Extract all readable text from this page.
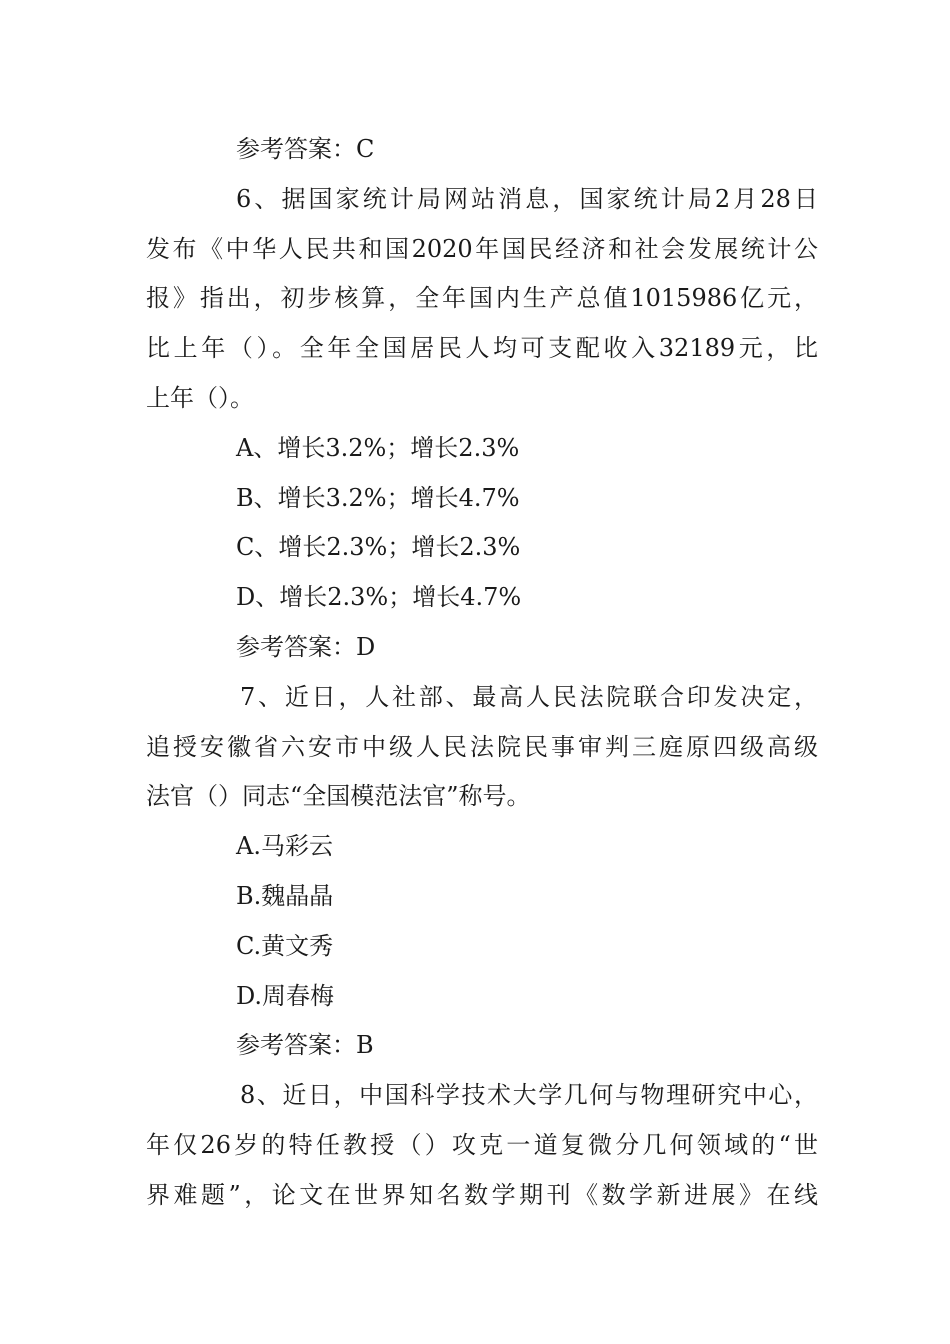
参考答案：C
6、据国家统计局网站消息，国家统计局2月28日
发布《中华人民共和国2020年国民经济和社会发展统计公
报》指出，初步核算，全年国内生产总值1015986亿元，
比上年（）。全年全国居民人均可支配收入32189元，比
上年（）。
A、增长3.2%；增长2.3%
B、增长3.2%；增长4.7%
C、增长2.3%；增长2.3%
D、增长2.3%；增长4.7%
参考答案：D
7、近日，人社部、最高人民法院联合印发决定，
追授安徽省六安市中级人民法院民事审判三庭原四级高级
法官（）同志“全国模范法官”称号。
A.马彩云
B.魏晶晶
C.黄文秀
D.周春梅
参考答案：B
8、近日，中国科学技术大学几何与物理研究中心，
年仅26岁的特任教授（）攻克一道复微分几何领域的“世
界难题”，论文在世界知名数学期刊《数学新进展》在线
